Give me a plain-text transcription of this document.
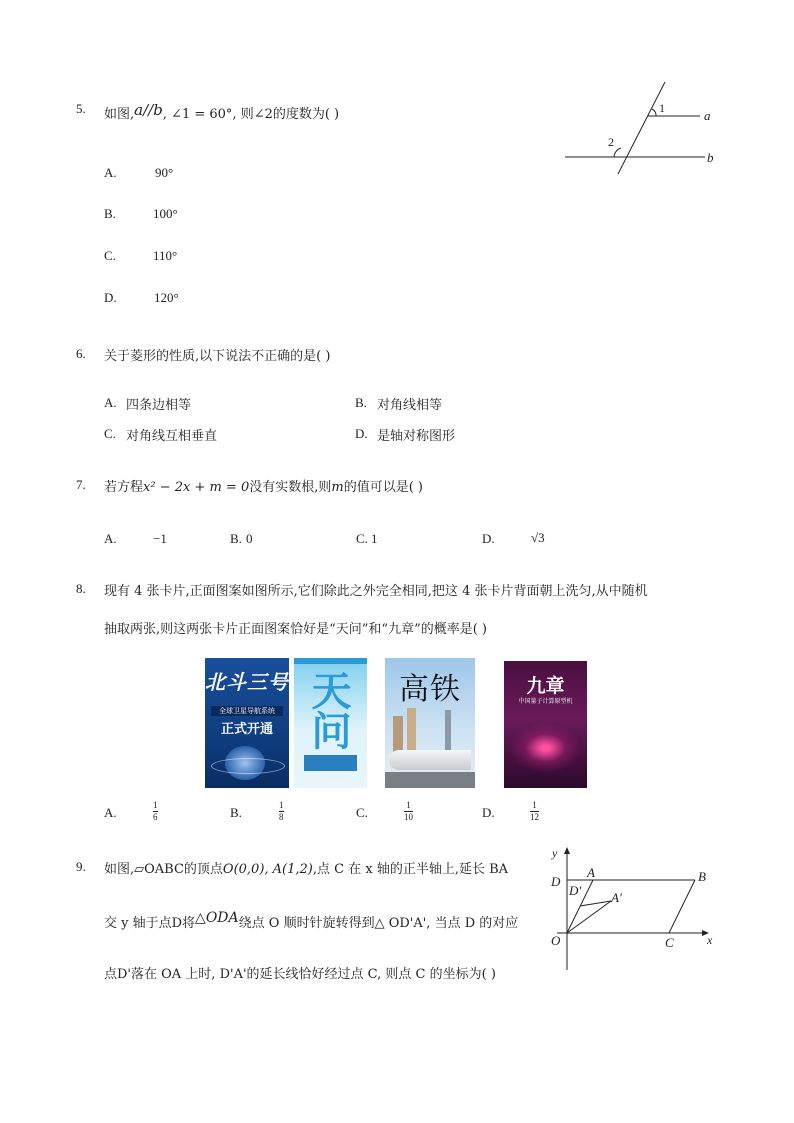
5. 如图,a//b, ∠1 = 60°, 则∠2的度数为( )	1
2
a
b
A.	90°
B.	100°
C.	110°
D.	120°
6. 关于菱形的性质,以下说法不正确的是( )
A. 四条边相等	B. 对角线相等
C. 对角线互相垂直	D. 是轴对称图形
7. 若方程x² − 2x + m = 0没有实数根,则m的值可以是( )
A.	−1	B. 0	C. 1	D.	√3
8. 现有 4 张卡片,正面图案如图所示,它们除此之外完全相同,把这 4 张卡片背面朝上洗匀,从中随机
抽取两张,则这两张卡片正面图案恰好是“天问”和“九章”的概率是( )
北斗三号
全球卫星导航系统
正式开通 天问	高铁	九章
中国量子计算原型机
A.	1
6	B.	1
8	C.	1
10	D.	1
12
9. 如图,▱OABC的顶点O(0,0), A(1,2),点 C 在 x 轴的正半轴上,延长 BA
交 y 轴于点D将△ODA绕点 O 顺时针旋转得到△ OD'A', 当点 D 的对应
点D'落在 OA 上时, D'A'的延长线恰好经过点 C, 则点 C 的坐标为( )
y
x
D
A	B
D' A'
O	C
